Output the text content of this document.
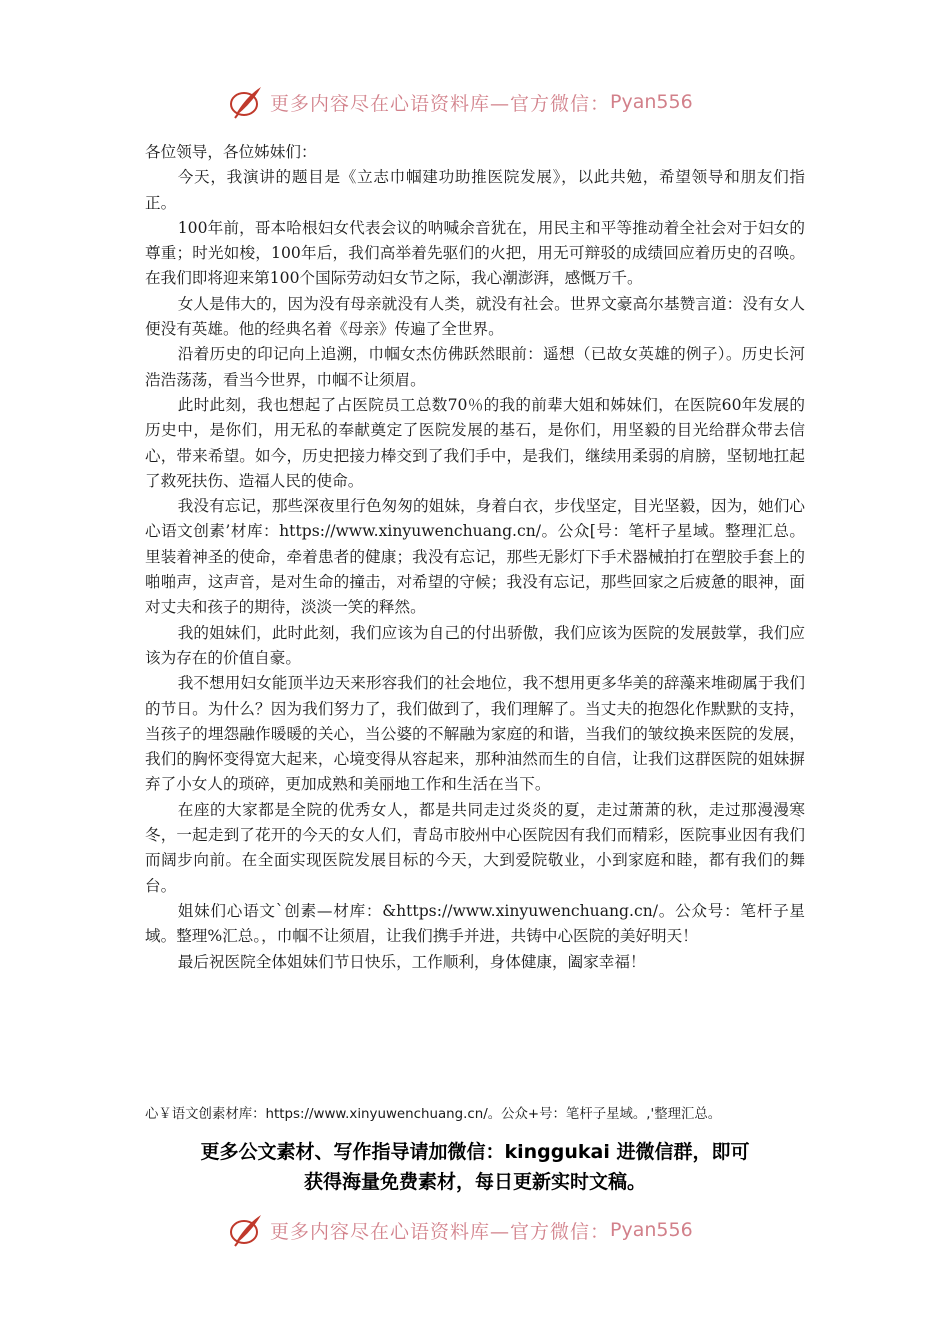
更多内容尽在心语资料库—官方微信： Pyan556

各位领导，各位姊妹们：

今天，我演讲的题目是《立志巾帼建功助推医院发展》，以此共勉，希望领导和朋友们指正。

100年前，哥本哈根妇女代表会议的呐喊余音犹在，用民主和平等推动着全社会对于妇女的尊重；时光如梭，100年后，我们高举着先驱们的火把，用无可辩驳的成绩回应着历史的召唤。在我们即将迎来第100个国际劳动妇女节之际，我心潮澎湃，感慨万千。

女人是伟大的，因为没有母亲就没有人类，就没有社会。世界文豪高尔基赞言道：没有女人便没有英雄。他的经典名着《母亲》传遍了全世界。

沿着历史的印记向上追溯，巾帼女杰仿佛跃然眼前：遥想（已故女英雄的例子）。历史长河浩浩荡荡，看当今世界，巾帼不让须眉。

此时此刻，我也想起了占医院员工总数70％的我的前辈大姐和姊妹们，在医院60年发展的历史中，是你们，用无私的奉献奠定了医院发展的基石，是你们，用坚毅的目光给群众带去信心，带来希望。如今，历史把接力棒交到了我们手中，是我们，继续用柔弱的肩膀，坚韧地扛起了救死扶伤、造福人民的使命。

我没有忘记，那些深夜里行色匆匆的姐妹，身着白衣，步伐坚定，目光坚毅，因为，她们心心语文创素’材库：https://www.xinyuwenchuang.cn/。公众[号：笔杆子星域。整理汇总。里装着神圣的使命，牵着患者的健康；我没有忘记，那些无影灯下手术器械拍打在塑胶手套上的啪啪声，这声音，是对生命的撞击，对希望的守候；我没有忘记，那些回家之后疲惫的眼神，面对丈夫和孩子的期待，淡淡一笑的释然。

我的姐妹们，此时此刻，我们应该为自己的付出骄傲，我们应该为医院的发展鼓掌，我们应该为存在的价值自豪。

我不想用妇女能顶半边天来形容我们的社会地位，我不想用更多华美的辞藻来堆砌属于我们的节日。为什么？因为我们努力了，我们做到了，我们理解了。当丈夫的抱怨化作默默的支持，当孩子的埋怨融作暖暖的关心，当公婆的不解融为家庭的和谐，当我们的皱纹换来医院的发展，我们的胸怀变得宽大起来，心境变得从容起来，那种油然而生的自信，让我们这群医院的姐妹摒弃了小女人的琐碎，更加成熟和美丽地工作和生活在当下。

在座的大家都是全院的优秀女人，都是共同走过炎炎的夏，走过萧萧的秋，走过那漫漫寒冬，一起走到了花开的今天的女人们，青岛市胶州中心医院因有我们而精彩，医院事业因有我们而阔步向前。在全面实现医院发展目标的今天，大到爱院敬业，小到家庭和睦，都有我们的舞台。

姐妹们心语文`创素—材库：&https://www.xinyuwenchuang.cn/。公众号：笔杆子星域。整理%汇总。，巾帼不让须眉，让我们携手并进，共铸中心医院的美好明天！

最后祝医院全体姐妹们节日快乐，工作顺利，身体健康，阖家幸福！

心￥语文创素材库：https://www.xinyuwenchuang.cn/。公众+号：笔杆子星域。,'整理汇总。
更多公文素材、写作指导请加微信：kinggukai 进微信群，即可
获得海量免费素材，每日更新实时文稿。
更多内容尽在心语资料库—官方微信： Pyan556
